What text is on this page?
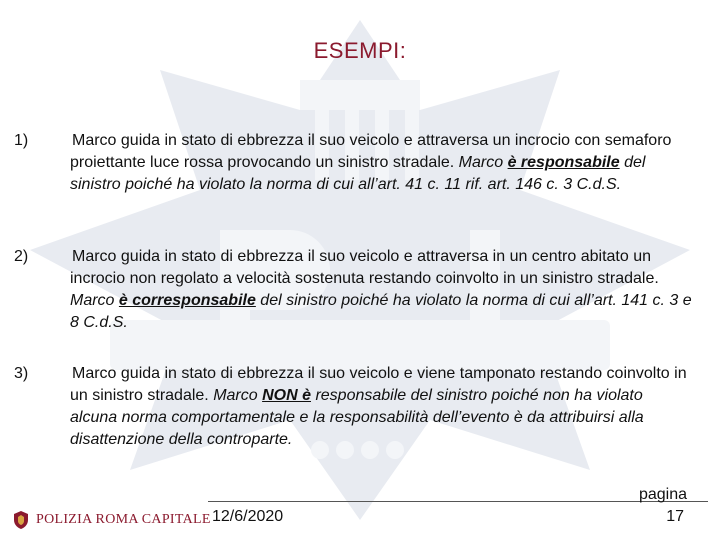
ESEMPI:

1)	Marco guida in stato di ebbrezza il suo veicolo e attraversa un incrocio con semaforo proiettante luce rossa provocando un sinistro stradale. Marco è responsabile del sinistro poiché ha violato la norma di cui all’art. 41 c. 11 rif. art. 146 c. 3 C.d.S.

2)	Marco guida in stato di ebbrezza il suo veicolo e attraversa in un centro abitato un incrocio non regolato a velocità sostenuta restando coinvolto in un sinistro stradale. Marco è corresponsabile del sinistro poiché ha violato la norma di cui all’art. 141 c. 3 e 8 C.d.S.

3)	Marco guida in stato di ebbrezza il suo veicolo e viene tamponato restando coinvolto in un sinistro stradale. Marco NON è responsabile del sinistro poiché non ha violato alcuna norma comportamentale e la responsabilità dell’evento è da attribuirsi alla disattenzione della controparte.

POLIZIA ROMA CAPITALE 12/6/2020
pagina
17
